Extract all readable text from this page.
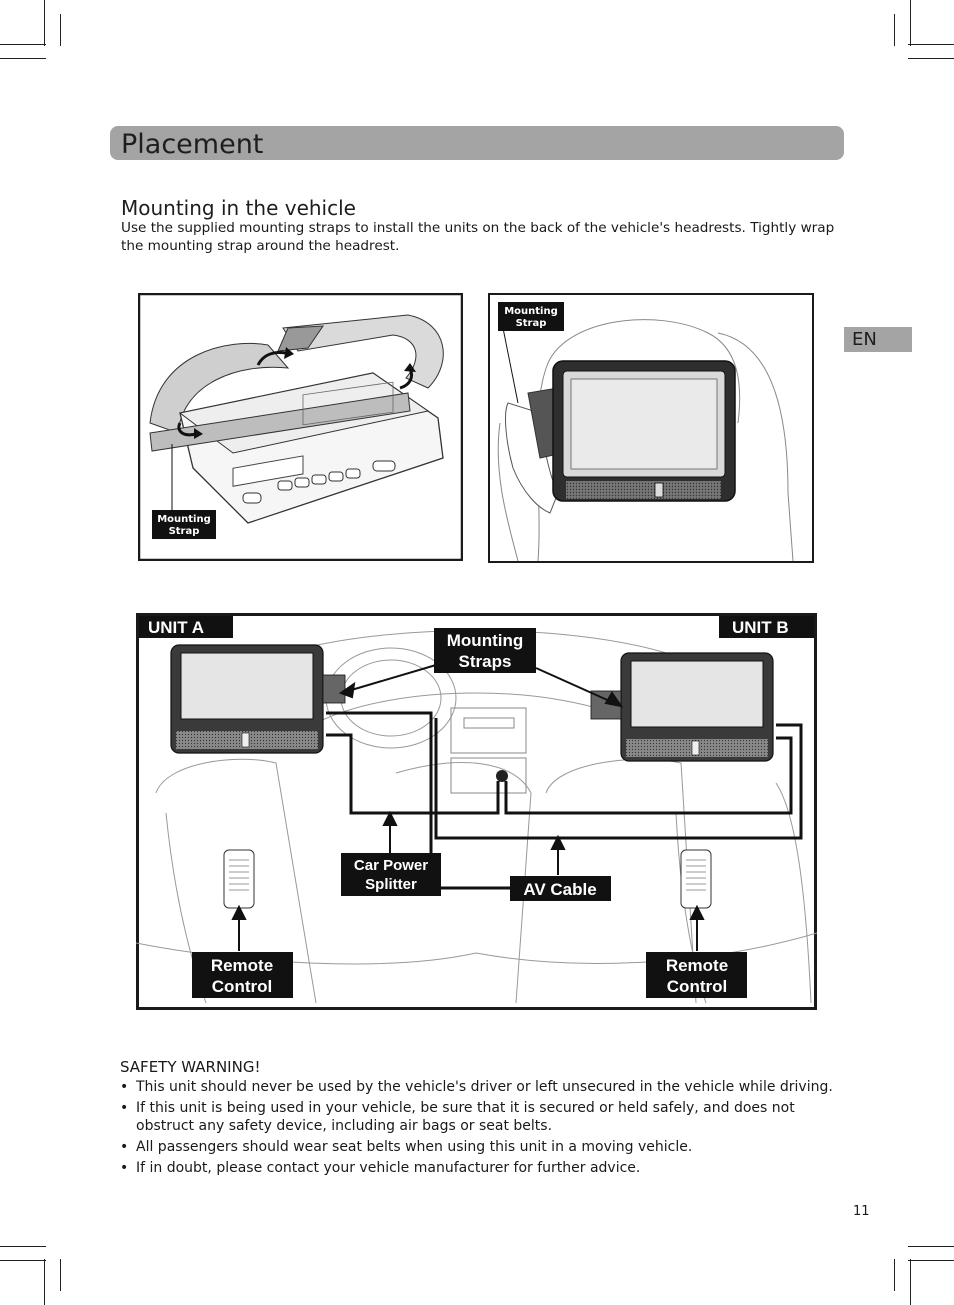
Placement
EN
Mounting in the vehicle
Use the supplied mounting straps to install the units on the back of the vehicle's headrests. Tightly wrap the mounting strap around the headrest.
Mounting
Strap
Mounting
Strap
UNIT A	UNIT B
Mounting
Straps
Car Power
Splitter	AV Cable
Remote
Control
Remote
Control
SAFETY WARNING!
• This unit should never be used by the vehicle's driver or left unsecured in the vehicle while driving.
• If this unit is being used in your vehicle, be sure that it is secured or held safely, and does not obstruct any safety device, including air bags or seat belts.
• All passengers should wear seat belts when using this unit in a moving vehicle.
• If in doubt, please contact your vehicle manufacturer for further advice.
11
